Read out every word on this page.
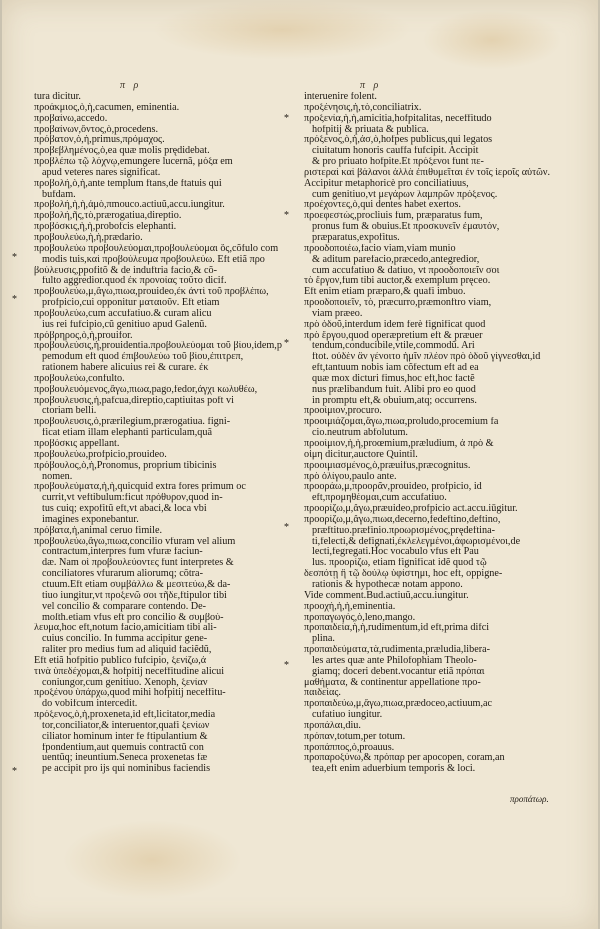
π ρ	π ρ
tura dicitur.
προάκμιος,ὁ,ἡ,cacumen, eminentia.
προβαίνω,accedo.
προβαίνων,ὄντος,ὁ,procedens.
πρόβατον,ὁ,ἡ,primus,πρόμαχος.
προβεβλημένος,ὁ,ea quæ molis prędidebat.
προβλέπω τῷ λόχνῳ,emungere lucernã, μόξα em
apud veteres nares significat.
προβολή,ὁ,ἡ,ante templum ftans,de ftatuis qui
bufdam.
προβολή,ἡ,ἡ,ἀμὸ,πmouco.actiuũ,accu.iungitur.
προβολή,ῆς,τὸ,prærogatiua,direptio.
προβόσκις,ἡ,ἡ,probofcis elephanti.
προβουλεύω,ἡ,ἡ,prædario.
προβουλεύω προβουλεύομαι,προβουλεύομαι ὅς,cõfulo com
modis tuis,καὶ προβούλευμα προβουλεύω. Eft etiã προ
βούλευσις,ppofitõ & de induftria facio,& cõ-
fulto aggredior.quod ἐκ προνοίας τοῦτο dicif.
προβουλεύω,μ,ἄγω,πιωα,prouideo,ἐκ ἀντὶ τοῦ προβλέπω,
profpicio,cui opponitur ματαιοῦν. Eft etiam
προβουλεύω,cum accufatiuo.& curam alicu
ius rei fufcipio,cũ genitiuo apud Galenũ.
πρόβρηρος,ὁ,ἡ,prouifor.
προβουλεύσις,ἡ,prouidentia.προβουλεύομαι τοῦ βίου,ἰdem,p
pemodum eft quod ἐπιβουλεύω τοῦ βίου,ἐπιτρεπ,
rationem habere alicuius rei & curare. ἐκ
προβουλεύω,confulto.
προβουλευόμενος,ἄγω,πιωα,pago,fedor,ἀγχι κωλυθέω,
προβουλευσις,ἡ,pafcua,direptio,captiuitas poft vi
ctoriam belli.
προβουλευσις,ὁ,prærilegium,prærogatiua. figni-
ficat etiam illam elephanti particulam,quã
προβόσκις appellant.
προβουλεύω,profpicio,prouideo.
πρόβουλος,ὁ,ἡ,Pronomus, proprium tibicinis
nomen.
προβουλεύματα,ἡ,ἡ,quicquid extra fores primum oc
currit,vt veftibulum:ficut πρόθυρον,quod in-
tus cuiq; expofitũ eft,vt abaci,& loca vbi
imagines exponebantur.
πρόβατα,ἡ,animal ceruo fimile.
προβουλεύω,ἄγω,πιωα,concilio vfuram vel alium
contractum,interpres fum vfuræ faciun-
dæ. Nam οἱ προβουλεύοντες funt interpretes &
conciliatores vfurarum aliorumq; cõtra-
ctuum.Eft etiam συμβάλλω & μεσιτεύω,& da-
tiuo iungitur,vt προξενῶ σοι τῆδε,ftipulor tibi
vel concilio & comparare contendo. De-
moſth.etiam vfus eft pro concilio & συμβού-
λευμα,hoc eft,notum facio,amicitiam tibi ali-
cuius concilio. In fumma accipitur gene-
raliter pro medius fum ad aliquid faciẽdũ,
Eft etiã hofpitio publico fufcipio, ξενίζω,ἀ
τινὰ ὑπεδέχομαι,& hofpitij neceffitudine alicui
coniungor,cum genitiuo. Xenoph, ξενίαν
προξένου ὑπάρχω,quod mihi hofpitij neceffitu-
do vobifcum intercedit.
πρόξενος,ὁ,ἡ,proxeneta,id eft,licitator,media
tor,conciliator,& interuentor,quafi ξενίων
ciliator hominum inter fe ftipulantium &
fpondentium,aut quemuis contractũ con
uentũq; ineuntium.Seneca proxenetas fæ
pe accipit pro ijs qui nominibus faciendis
interuenire folent.
προξένησις,ἡ,τὸ,conciliatrix.
προξενία,ἡ,ἡ,amicitia,hofpitalitas, neceffitudo
hofpitij & priuata & publica.
πρόξενος,ὁ,ἡ,ἀσ,ὁ,hofpes publicus,qui legatos
ciuitatum honoris cauffa fufcipit. Accipit
& pro priuato hofpite.Et πρόξενοι funt πε-
ριστεραὶ καὶ βάλανοι ἀλλὰ ἐπιθυμεῖται ἐν τοῖς ἱεροῖς αὐτῶν.
Accipitur metaphoricè pro conciliatiuus,
cum genitiuo,vt μεγάρων λαμπρῶν πρόξενος.
προέχοντες,ὁ,qui dentes habet exertos.
προεφεστώς,procliuis fum, præparatus fum,
pronus fum & obuius.Et προσκυνεῖν ἐμαυτόν,
præparatus,expofitus.
προοδοποιέω,facio viam,viam munio
& aditum parefacio,præcedo,antegredior,
cum accufatiuo & datiuo, vt προοδοποιεῖν σοι
τὸ ἔργον,fum tibi auctor,& exemplum pręceo.
Eft enim etiam præparo,& quafi imbuo.
προοδοποιεῖν, τὸ, præcurro,præmonftro viam,
viam præeo.
πρὸ ὁδοῦ,interdum idem ferè fignificat quod
πρὸ ἔργου,quod operæpretium eft & præuer
tendum,conducibile,vtile,commodũ. Ari
ftot. οὐδὲν ἂν γένοιτο ἡμῖν πλέον πρὸ ὁδοῦ γίγνεσθαι,id
eft,tantuum nobis iam cõfectum eft ad ea
quæ mox dicturi fimus,hoc eft,hoc factẽ
nus prælibandum fuit. Alibi pro eo quod
in promptu eft,& obuium,atq; occurrens.
προοίμιον,procuro.
προοιμιάζομαι,ἄγω,πιωα,proludo,procemium fa
cio.neutrum abfolutum.
προοίμιον,ἡ,ἡ,proœmium,præludium, ἀ πρὸ &
οἶμη dicitur,auctore Quintil.
προοιμιασμένος,ὁ,præuifus,præcognitus.
πρὸ ὀλίγου,paulo ante.
προοράω,μ,προορᾶν,prouideo, profpicio, id
eft,προμηθέομαι,cum accufatiuo.
προορίζω,μ,ἄγω,præuideo,profpicio act.accu.iūgitur.
προορίζω,μ,ἄγω,πιωα,decerno,fedeftino,deftino,
præftituo.præfinio.προωρισμένος,prędeftina-
ti,felecti,& defignati,ἐκλελεγμένοι,ἀφωρισμένοι,de
lecti,fegregati.Hoc vocabulo vfus eft Pau
lus. προορίζω, etiam fignificat idẽ quod τῷ
δεσπότῃ ἢ τῷ δούλῳ ὑφίστημι, hoc eft, oppigne-
rationis & hypothecæ notam appono.
Vide comment.Bud.actiuũ,accu.iungitur.
προοχή,ἡ,ἡ,eminentia.
προπαγωγός,ὁ,leno,mango.
προπαιδεία,ἡ,ἡ,rudimentum,id eft,prima difci
plina.
προπαιδεύματα,τὰ,rudimenta,præludia,libera-
les artes quæ ante Philofophiam Theolo-
giamq; doceri debent.vocantur etiã πρόπαι
μαθήματα, & continentur appellatione προ-
παιδείας.
προπαιδεύω,μ,ἄγω,πιωα,prædoceo,actiuum,ac
cufatiuo iungitur.
προπάλαι,diu.
πρόπαν,totum,per totum.
προπάππος,ὁ,proauus.
προπαροξύνω,& πρόπαρ per apocopen, coram,an
tea,eft enim aduerbium temporis & loci.
*
*
*
*
*
*
*
*
προπάτωρ.
